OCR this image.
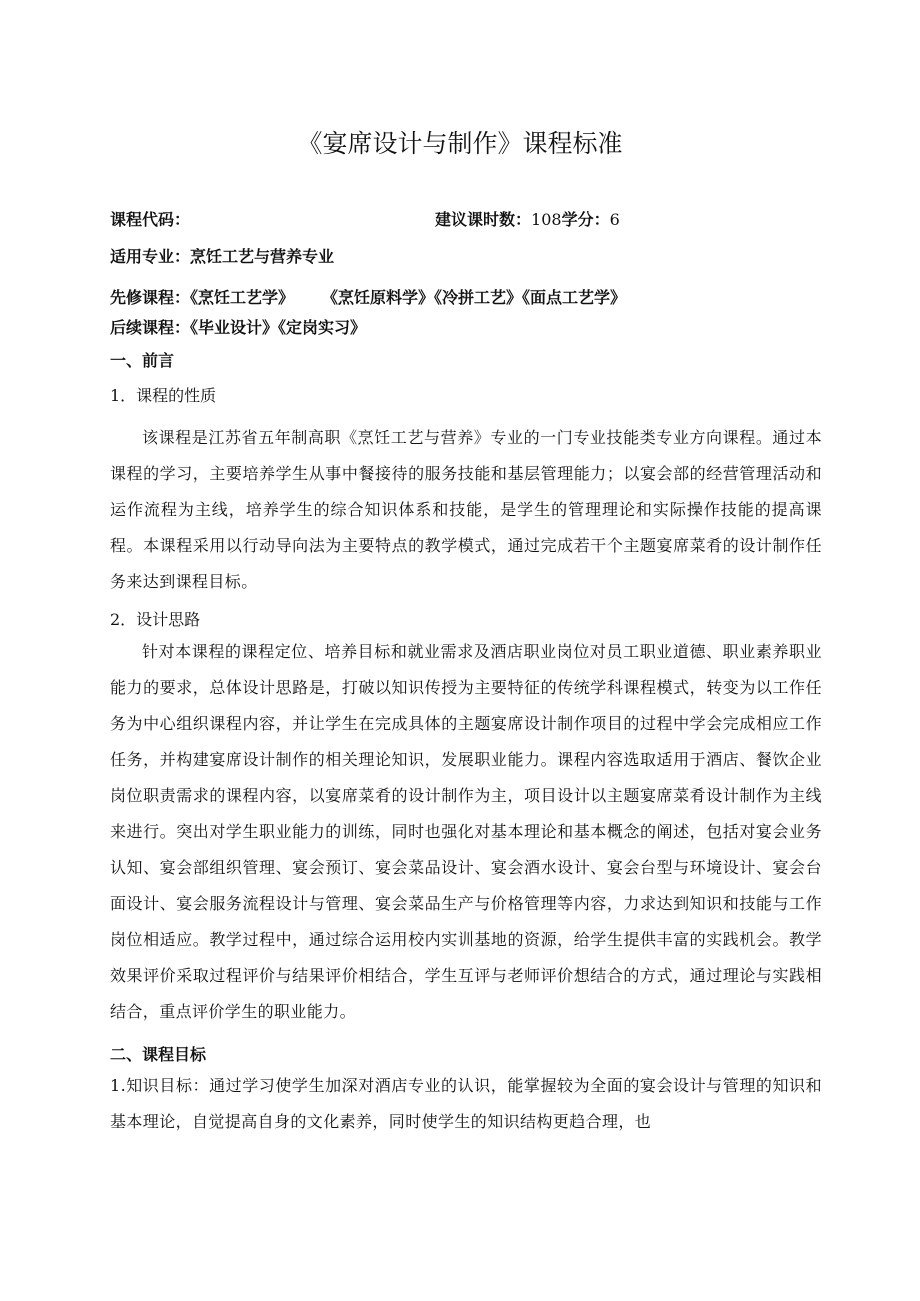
《宴席设计与制作》课程标准
课程代码：	建议课时数：108学分：6
适用专业：烹饪工艺与营养专业
先修课程：《烹饪工艺学》 《烹饪原料学》《冷拼工艺》《面点工艺学》
后续课程：《毕业设计》《定岗实习》
一、前言
1．课程的性质
该课程是江苏省五年制高职《烹饪工艺与营养》专业的一门专业技能类专业方向课程。通过本课程的学习，主要培养学生从事中餐接待的服务技能和基层管理能力；以宴会部的经营管理活动和运作流程为主线，培养学生的综合知识体系和技能，是学生的管理理论和实际操作技能的提高课程。本课程采用以行动导向法为主要特点的教学模式，通过完成若干个主题宴席菜肴的设计制作任务来达到课程目标。
2．设计思路
针对本课程的课程定位、培养目标和就业需求及酒店职业岗位对员工职业道德、职业素养职业能力的要求，总体设计思路是，打破以知识传授为主要特征的传统学科课程模式，转变为以工作任务为中心组织课程内容，并让学生在完成具体的主题宴席设计制作项目的过程中学会完成相应工作任务，并构建宴席设计制作的相关理论知识，发展职业能力。课程内容选取适用于酒店、餐饮企业岗位职责需求的课程内容，以宴席菜肴的设计制作为主，项目设计以主题宴席菜肴设计制作为主线来进行。突出对学生职业能力的训练，同时也强化对基本理论和基本概念的阐述，包括对宴会业务认知、宴会部组织管理、宴会预订、宴会菜品设计、宴会酒水设计、宴会台型与环境设计、宴会台面设计、宴会服务流程设计与管理、宴会菜品生产与价格管理等内容，力求达到知识和技能与工作岗位相适应。教学过程中，通过综合运用校内实训基地的资源，给学生提供丰富的实践机会。教学效果评价采取过程评价与结果评价相结合，学生互评与老师评价想结合的方式，通过理论与实践相结合，重点评价学生的职业能力。
二、课程目标
1.知识目标：通过学习使学生加深对酒店专业的认识，能掌握较为全面的宴会设计与管理的知识和基本理论，自觉提高自身的文化素养，同时使学生的知识结构更趋合理，也
